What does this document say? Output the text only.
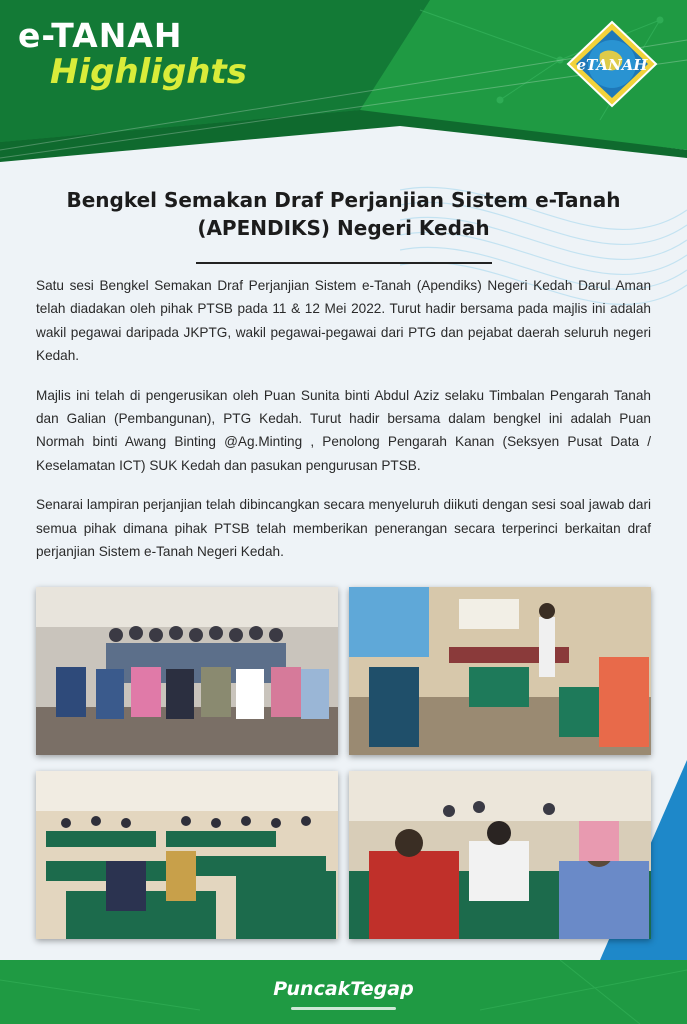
e-TANAH
Highlights	eTANAH
Bengkel Semakan Draf Perjanjian Sistem e-Tanah
(APENDIKS) Negeri Kedah

Satu sesi Bengkel Semakan Draf Perjanjian Sistem e-Tanah (Apendiks) Negeri Kedah Darul Aman telah diadakan oleh pihak PTSB pada 11 & 12 Mei 2022. Turut hadir bersama pada majlis ini adalah wakil pegawai daripada JKPTG, wakil pegawai-pegawai dari PTG dan pejabat daerah seluruh negeri Kedah.

Majlis ini telah di pengerusikan oleh Puan Sunita binti Abdul Aziz selaku Timbalan Pengarah Tanah dan Galian (Pembangunan), PTG Kedah. Turut hadir bersama dalam bengkel ini adalah Puan Normah binti Awang Binting @Ag.Minting , Penolong Pengarah Kanan (Seksyen Pusat Data / Keselamatan ICT) SUK Kedah dan pasukan pengurusan PTSB.

Senarai lampiran perjanjian telah dibincangkan secara menyeluruh diikuti dengan sesi soal jawab dari semua pihak dimana pihak PTSB telah memberikan penerangan secara terperinci berkaitan draf perjanjian Sistem e-Tanah Negeri Kedah.

PuncakTegap
